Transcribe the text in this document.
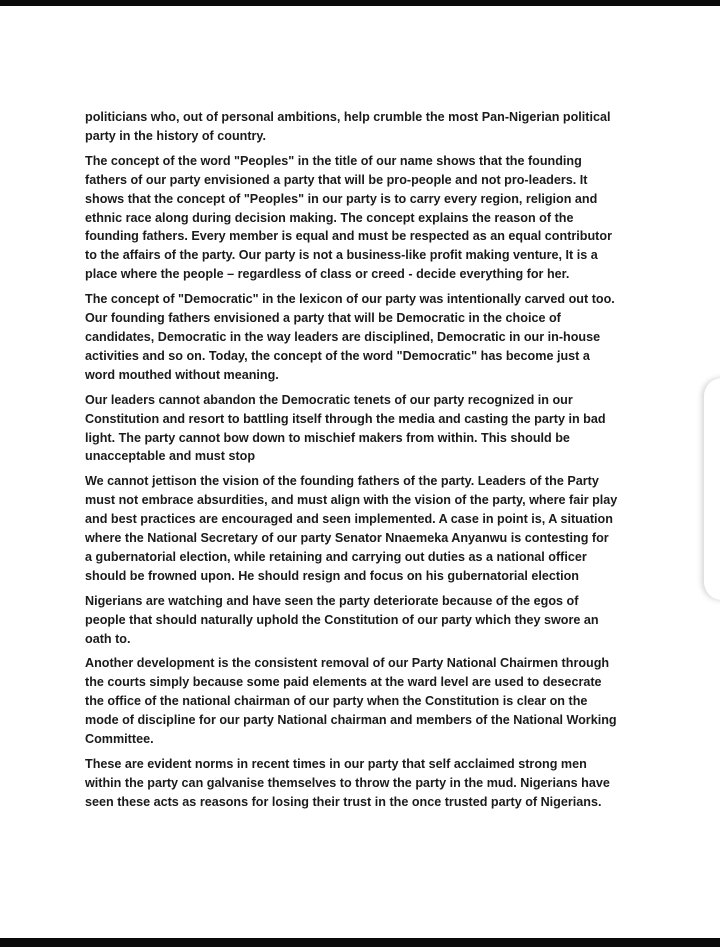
politicians who, out of personal ambitions, help crumble the most Pan-Nigerian political
party in the history of country.

The concept of the word "Peoples" in the title of our name shows that the founding
fathers of our party envisioned a party that will be pro-people and not pro-leaders. It
shows that the concept of "Peoples" in our party is to carry every region, religion and
ethnic race along during decision making. The concept explains the reason of the
founding fathers. Every member is equal and must be respected as an equal contributor
to the affairs of the party. Our party is not a business-like profit making venture, It is a
place where the people – regardless of class or creed - decide everything for her.

The concept of "Democratic" in the lexicon of our party was intentionally carved out too.
Our founding fathers envisioned a party that will be Democratic in the choice of
candidates, Democratic in the way leaders are disciplined, Democratic in our in-house
activities and so on. Today, the concept of the word "Democratic" has become just a
word mouthed without meaning.

Our leaders cannot abandon the Democratic tenets of our party recognized in our
Constitution and resort to battling itself through the media and casting the party in bad
light. The party cannot bow down to mischief makers from within. This should be
unacceptable and must stop

We cannot jettison the vision of the founding fathers of the party. Leaders of the Party
must not embrace absurdities, and must align with the vision of the party, where fair play
and best practices are encouraged and seen implemented. A case in point is, A situation
where the National Secretary of our party Senator Nnaemeka Anyanwu is contesting for
a gubernatorial election, while retaining and carrying out duties as a national officer
should be frowned upon. He should resign and focus on his gubernatorial election

Nigerians are watching and have seen the party deteriorate because of the egos of
people that should naturally uphold the Constitution of our party which they swore an
oath to.

Another development is the consistent removal of our Party National Chairmen through
the courts simply because some paid elements at the ward level are used to desecrate
the office of the national chairman of our party when the Constitution is clear on the
mode of discipline for our party National chairman and members of the National Working
Committee.

These are evident norms in recent times in our party that self acclaimed strong men
within the party can galvanise themselves to throw the party in the mud. Nigerians have
seen these acts as reasons for losing their trust in the once trusted party of Nigerians.
